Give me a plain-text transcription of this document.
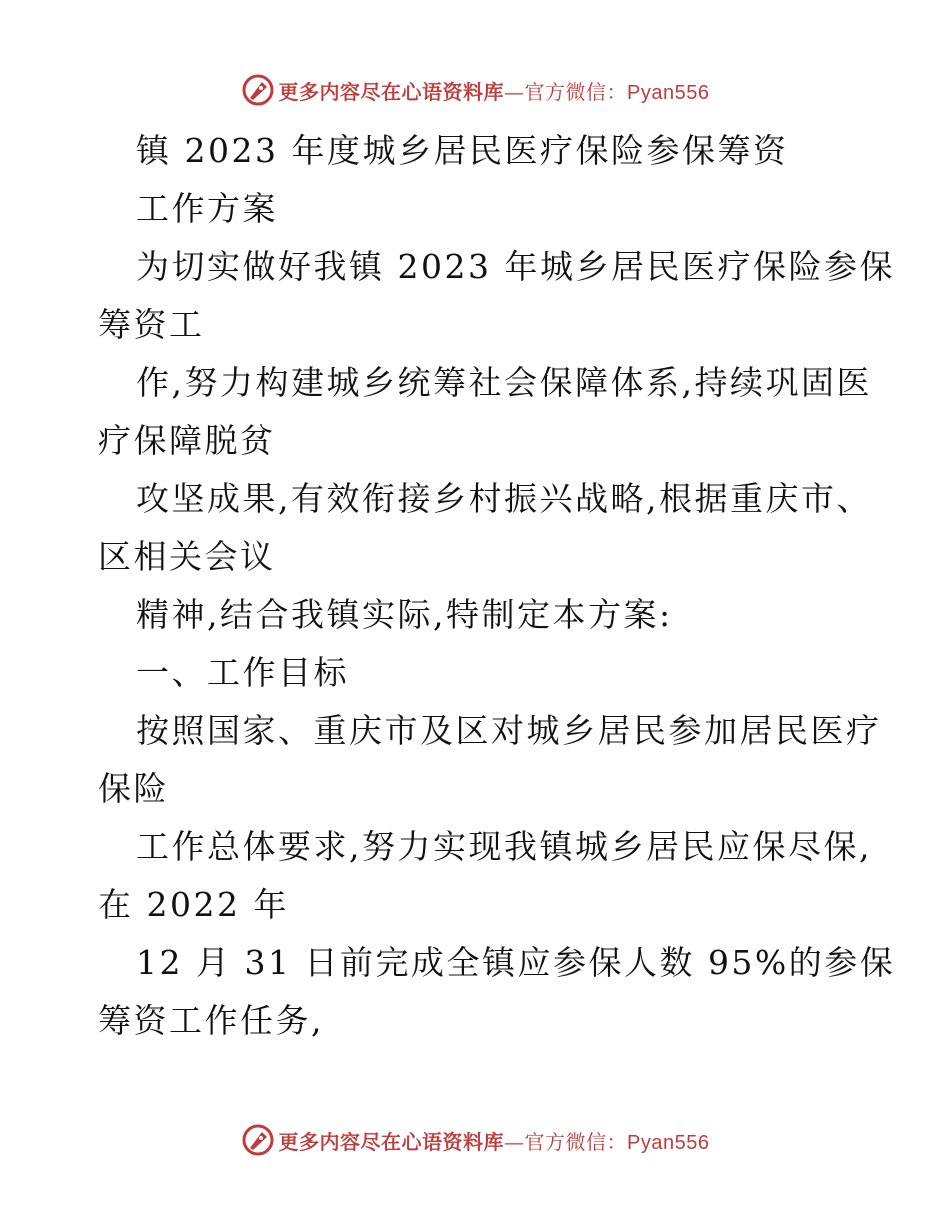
更多内容尽在心语资料库—官方微信：Pyan556
镇 2023 年度城乡居民医疗保险参保筹资
工作方案
为切实做好我镇 2023 年城乡居民医疗保险参保
筹资工
作,努力构建城乡统筹社会保障体系,持续巩固医
疗保障脱贫
攻坚成果,有效衔接乡村振兴战略,根据重庆市、
区相关会议
精神,结合我镇实际,特制定本方案:
一、工作目标
按照国家、重庆市及区对城乡居民参加居民医疗
保险
工作总体要求,努力实现我镇城乡居民应保尽保,
在 2022 年
12 月 31 日前完成全镇应参保人数 95%的参保
筹资工作任务,
更多内容尽在心语资料库—官方微信：Pyan556
